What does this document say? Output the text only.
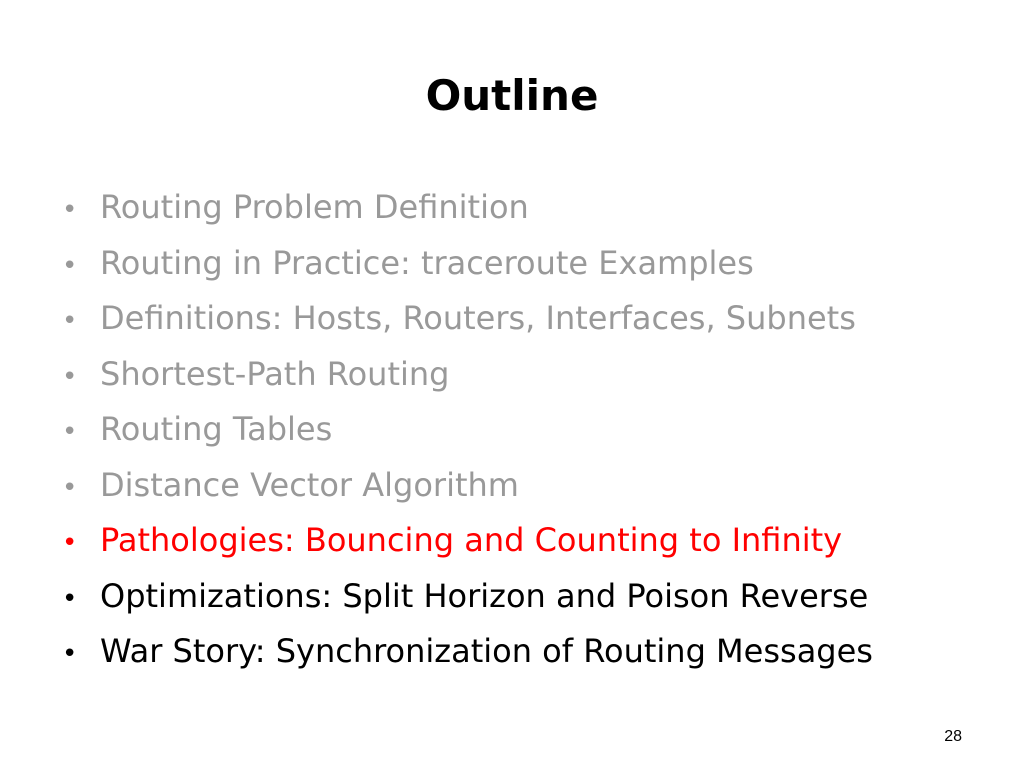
Outline
• Routing Problem Definition
• Routing in Practice: traceroute Examples
• Definitions: Hosts, Routers, Interfaces, Subnets
• Shortest-Path Routing
• Routing Tables
• Distance Vector Algorithm
• Pathologies: Bouncing and Counting to Infinity
• Optimizations: Split Horizon and Poison Reverse
• War Story: Synchronization of Routing Messages
28
